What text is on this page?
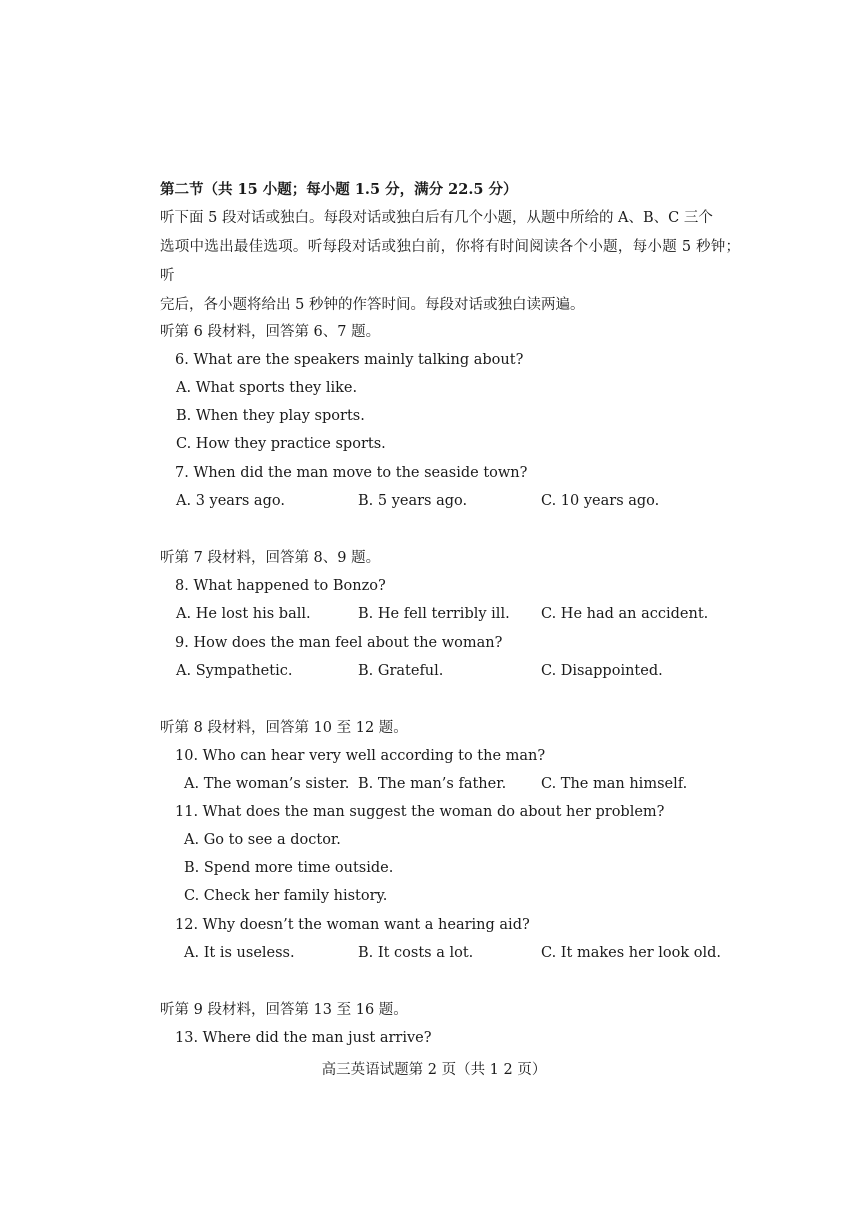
第二节（共 15 小题；每小题 1.5 分，满分 22.5 分）
听下面 5 段对话或独白。每段对话或独白后有几个小题，从题中所给的 A、B、C 三个
选项中选出最佳选项。听每段对话或独白前，你将有时间阅读各个小题，每小题 5 秒钟；听
完后，各小题将给出 5 秒钟的作答时间。每段对话或独白读两遍。
听第 6 段材料，回答第 6、7 题。
6. What are the speakers mainly talking about?
A. What sports they like.
B. When they play sports.
C. How they practice sports.
7. When did the man move to the seaside town?
A. 3 years ago.	B. 5 years ago.	C. 10 years ago.
听第 7 段材料，回答第 8、9 题。
8. What happened to Bonzo?
A. He lost his ball.	B. He fell terribly ill. C. He had an accident.
9. How does the man feel about the woman?
A. Sympathetic.	B. Grateful.	C. Disappointed.
听第 8 段材料，回答第 10 至 12 题。
10. Who can hear very well according to the man?
A. The woman’s sister. B. The man’s father. C. The man himself.
11. What does the man suggest the woman do about her problem?
A. Go to see a doctor.
B. Spend more time outside.
C. Check her family history.
12. Why doesn’t the woman want a hearing aid?
A. It is useless.	B. It costs a lot.	C. It makes her look old.
听第 9 段材料，回答第 13 至 16 题。
13. Where did the man just arrive?
高三英语试题第 2 页（共 1 2 页）
